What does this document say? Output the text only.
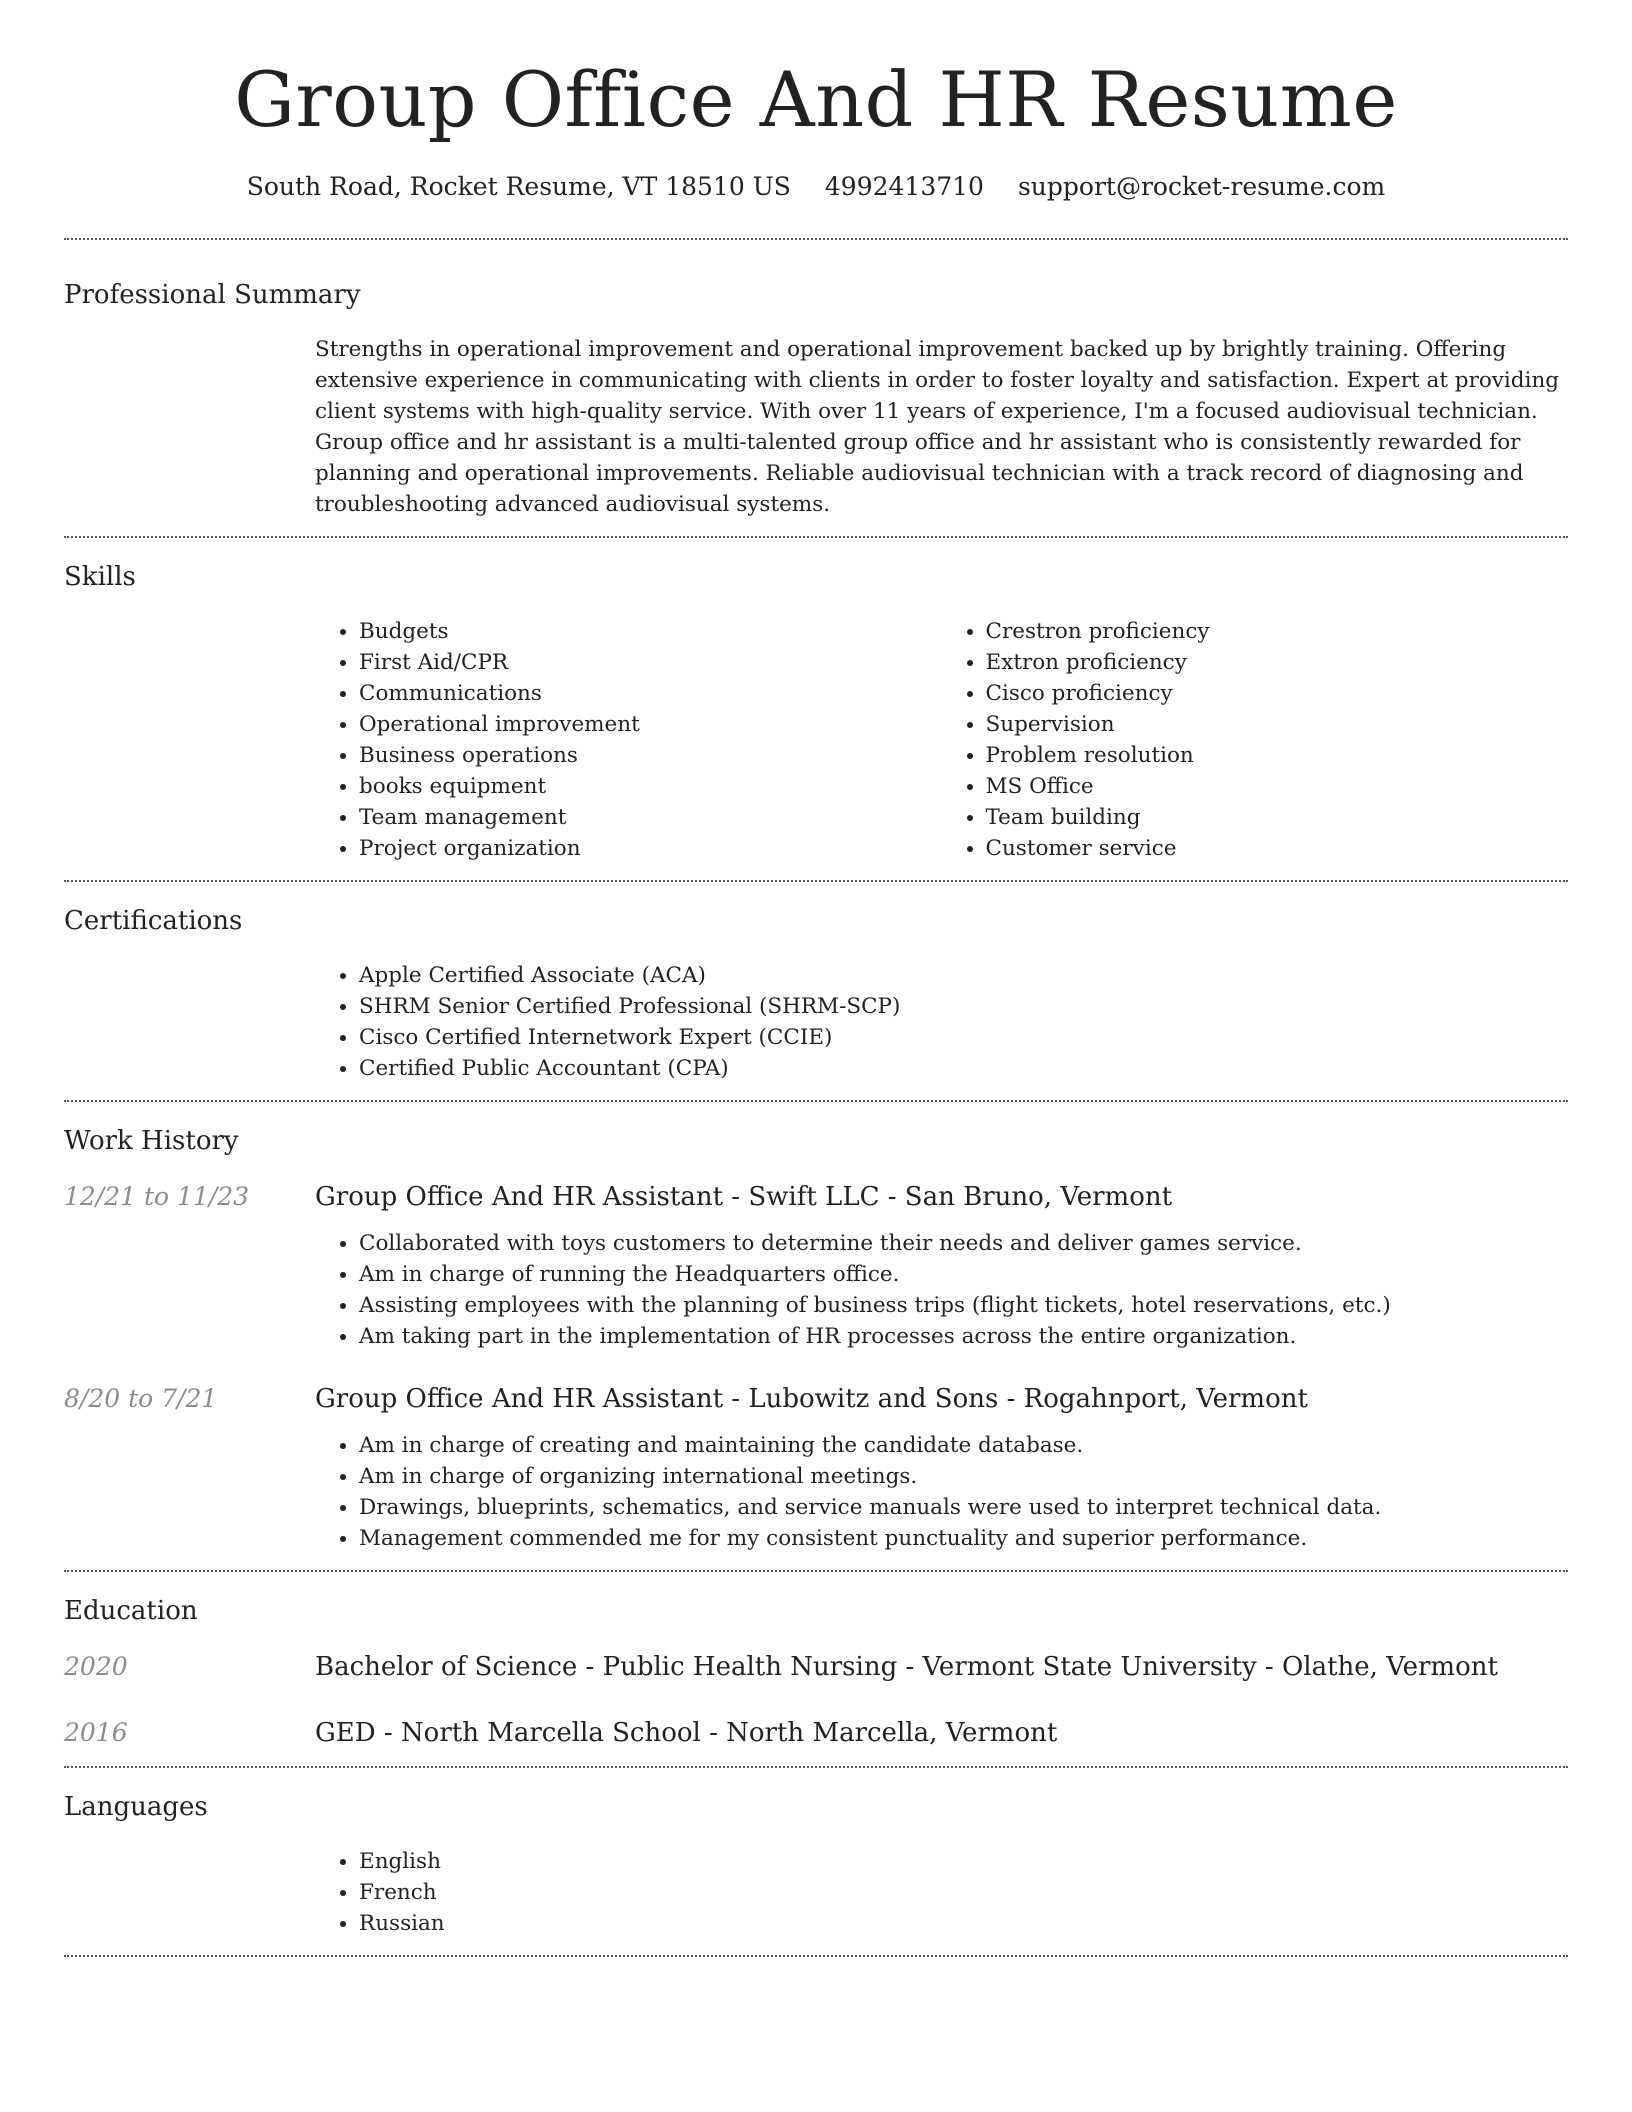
Group Office And HR Resume
South Road, Rocket Resume, VT 18510 US 4992413710 support@rocket-resume.com
Professional Summary

Strengths in operational improvement and operational improvement backed up by brightly training. Offering extensive experience in communicating with clients in order to foster loyalty and satisfaction. Expert at providing client systems with high-quality service. With over 11 years of experience, I'm a focused audiovisual technician. Group office and hr assistant is a multi-talented group office and hr assistant who is consistently rewarded for planning and operational improvements. Reliable audiovisual technician with a track record of diagnosing and troubleshooting advanced audiovisual systems.

Skills
• Budgets
• First Aid/CPR
• Communications
• Operational improvement
• Business operations
• books equipment
• Team management
• Project organization
• Crestron proficiency
• Extron proficiency
• Cisco proficiency
• Supervision
• Problem resolution
• MS Office
• Team building
• Customer service
Certifications
• Apple Certified Associate (ACA)
• SHRM Senior Certified Professional (SHRM-SCP)
• Cisco Certified Internetwork Expert (CCIE)
• Certified Public Accountant (CPA)
Work History
12/21 to 11/23	Group Office And HR Assistant - Swift LLC - San Bruno, Vermont
• Collaborated with toys customers to determine their needs and deliver games service.
• Am in charge of running the Headquarters office.
• Assisting employees with the planning of business trips (flight tickets, hotel reservations, etc.)
• Am taking part in the implementation of HR processes across the entire organization.
8/20 to 7/21	Group Office And HR Assistant - Lubowitz and Sons - Rogahnport, Vermont
• Am in charge of creating and maintaining the candidate database.
• Am in charge of organizing international meetings.
• Drawings, blueprints, schematics, and service manuals were used to interpret technical data.
• Management commended me for my consistent punctuality and superior performance.
Education
2020	Bachelor of Science - Public Health Nursing - Vermont State University - Olathe, Vermont
2016	GED - North Marcella School - North Marcella, Vermont
Languages
• English
• French
• Russian
